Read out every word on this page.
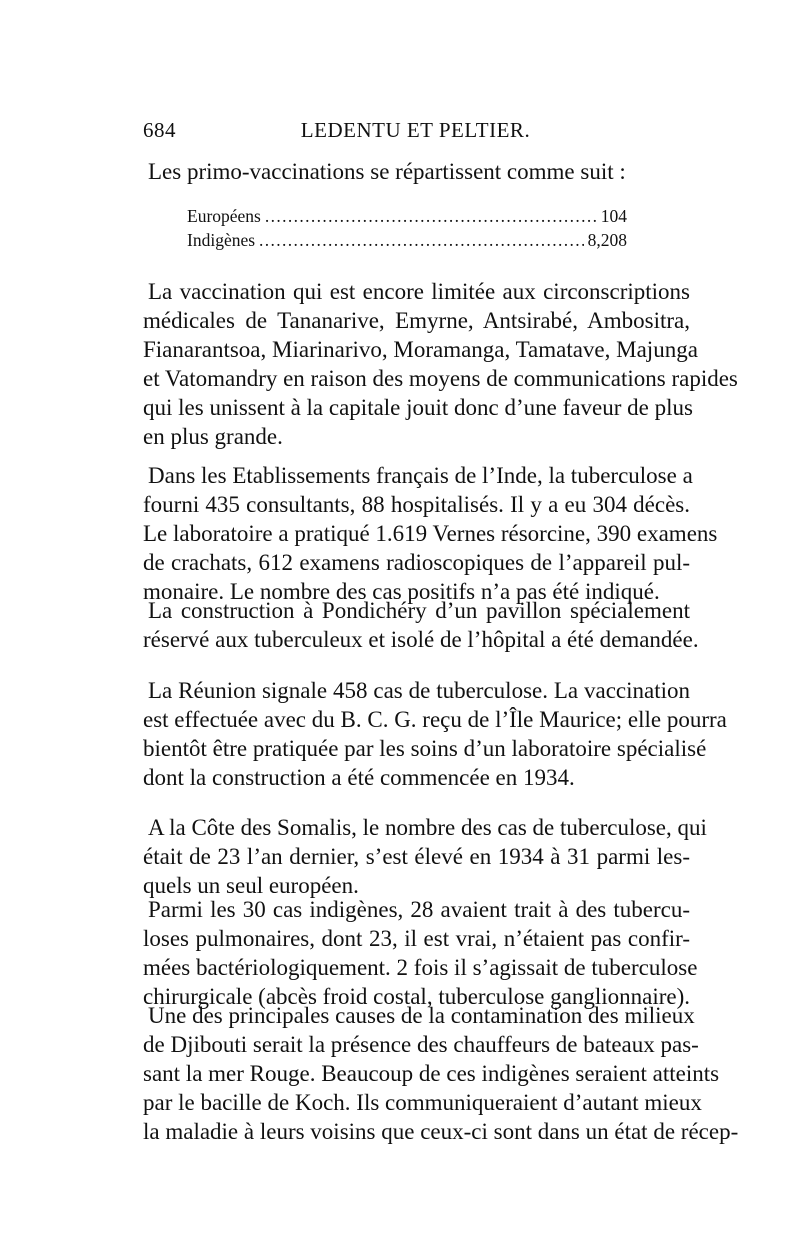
684	LEDENTU ET PELTIER.
Les primo-vaccinations se répartissent comme suit :
Européens . . .	104
Indigènes . . .	8,208
La vaccination qui est encore limitée aux circonscriptions
médicales de Tananarive, Emyrne, Antsirabé, Ambositra,
Fianarantsoa, Miarinarivo, Moramanga, Tamatave, Majunga
et Vatomandry en raison des moyens de communications rapides
qui les unissent à la capitale jouit donc d’une faveur de plus
en plus grande.
Dans les Etablissements français de l’Inde, la tuberculose a
fourni 435 consultants, 88 hospitalisés. Il y a eu 304 décès.
Le laboratoire a pratiqué 1.619 Vernes résorcine, 390 examens
de crachats, 612 examens radioscopiques de l’appareil pul-
monaire. Le nombre des cas positifs n’a pas été indiqué.
La construction à Pondichéry d’un pavillon spécialement
réservé aux tuberculeux et isolé de l’hôpital a été demandée.
La Réunion signale 458 cas de tuberculose. La vaccination
est effectuée avec du B. C. G. reçu de l’Île Maurice; elle pourra
bientôt être pratiquée par les soins d’un laboratoire spécialisé
dont la construction a été commencée en 1934.
A la Côte des Somalis, le nombre des cas de tuberculose, qui
était de 23 l’an dernier, s’est élevé en 1934 à 31 parmi les-
quels un seul européen.
Parmi les 30 cas indigènes, 28 avaient trait à des tubercu-
loses pulmonaires, dont 23, il est vrai, n’étaient pas confir-
mées bactériologiquement. 2 fois il s’agissait de tuberculose
chirurgicale (abcès froid costal, tuberculose ganglionnaire).
Une des principales causes de la contamination des milieux
de Djibouti serait la présence des chauffeurs de bateaux pas-
sant la mer Rouge. Beaucoup de ces indigènes seraient atteints
par le bacille de Koch. Ils communiqueraient d’autant mieux
la maladie à leurs voisins que ceux-ci sont dans un état de récep-
